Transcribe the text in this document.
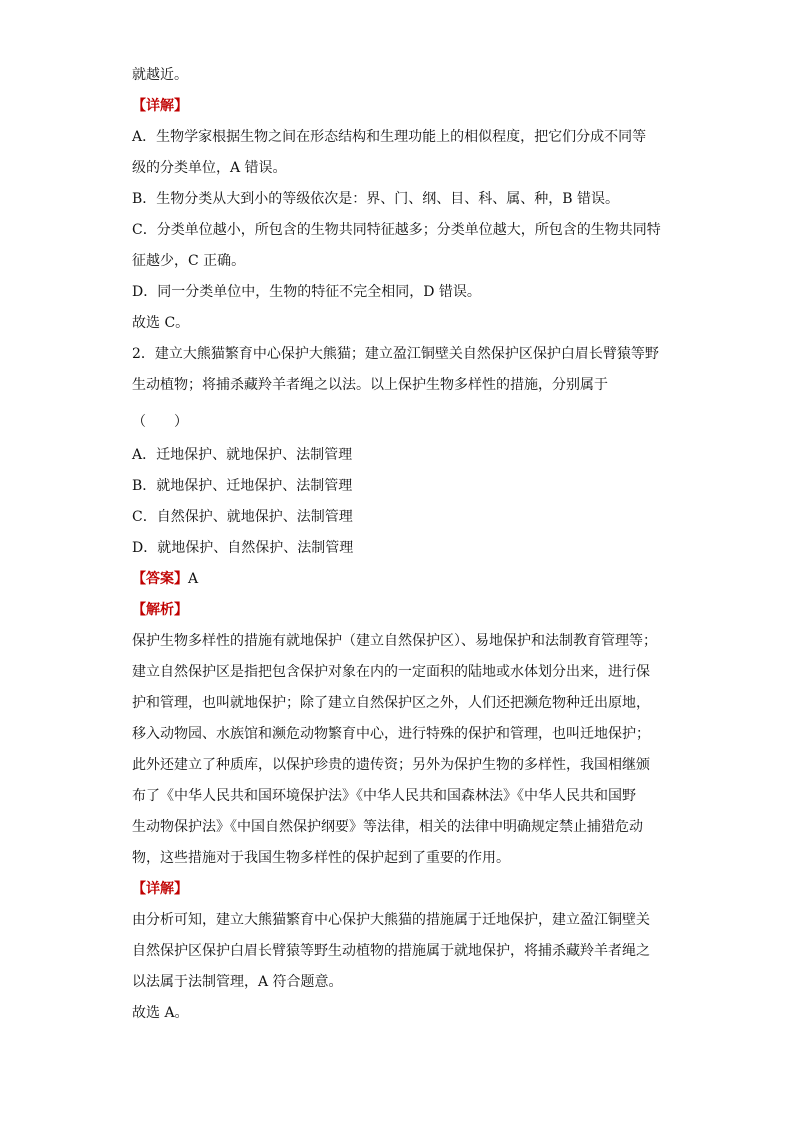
就越近。

【详解】

A．生物学家根据生物之间在形态结构和生理功能上的相似程度，把它们分成不同等

级的分类单位，A 错误。

B．生物分类从大到小的等级依次是：界、门、纲、目、科、属、种，B 错误。

C．分类单位越小，所包含的生物共同特征越多；分类单位越大，所包含的生物共同特

征越少，C 正确。

D．同一分类单位中，生物的特征不完全相同，D 错误。

故选 C。

2．建立大熊猫繁育中心保护大熊猫；建立盈江铜壁关自然保护区保护白眉长臂猿等野

生动植物；将捕杀藏羚羊者绳之以法。以上保护生物多样性的措施，分别属于

（　　）

A．迁地保护、就地保护、法制管理

B．就地保护、迁地保护、法制管理

C．自然保护、就地保护、法制管理

D．就地保护、自然保护、法制管理

【答案】A

【解析】

保护生物多样性的措施有就地保护（建立自然保护区）、易地保护和法制教育管理等；

建立自然保护区是指把包含保护对象在内的一定面积的陆地或水体划分出来，进行保

护和管理，也叫就地保护；除了建立自然保护区之外，人们还把濒危物种迁出原地，

移入动物园、水族馆和濒危动物繁育中心，进行特殊的保护和管理，也叫迁地保护；

此外还建立了种质库，以保护珍贵的遗传资；另外为保护生物的多样性，我国相继颁

布了《中华人民共和国环境保护法》《中华人民共和国森林法》《中华人民共和国野

生动物保护法》《中国自然保护纲要》等法律，相关的法律中明确规定禁止捕猎危动

物，这些措施对于我国生物多样性的保护起到了重要的作用。

【详解】

由分析可知，建立大熊猫繁育中心保护大熊猫的措施属于迁地保护，建立盈江铜壁关

自然保护区保护白眉长臂猿等野生动植物的措施属于就地保护，将捕杀藏羚羊者绳之

以法属于法制管理，A 符合题意。

故选 A。
